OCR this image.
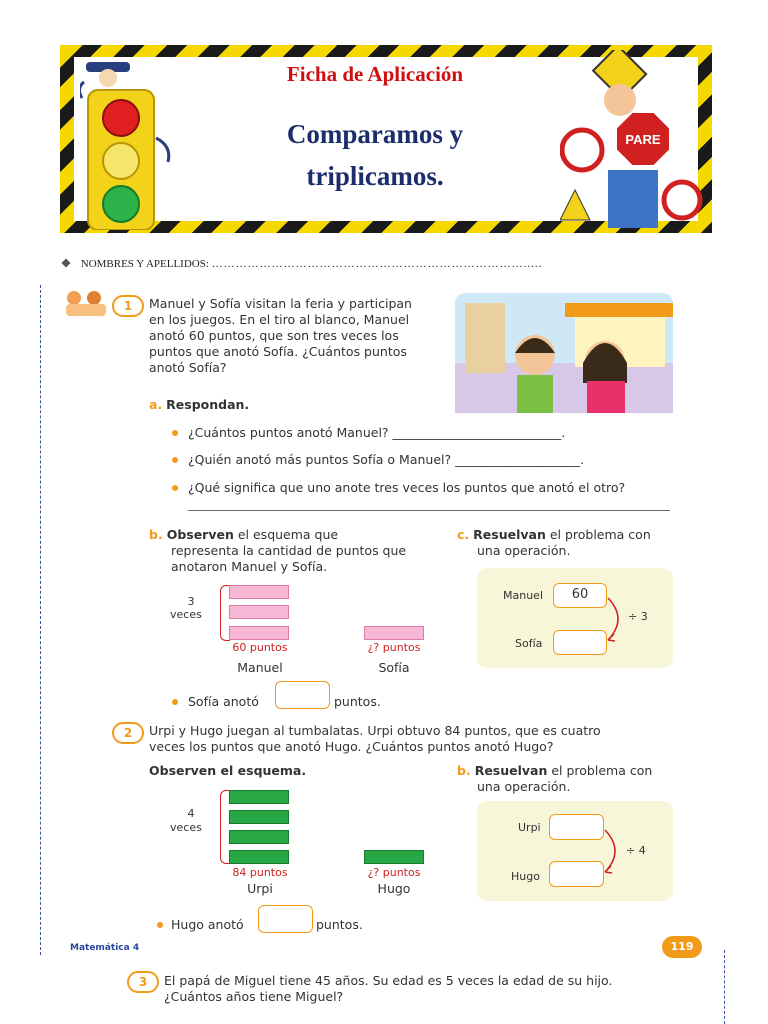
PARE
Ficha de Aplicación
Comparamos y
triplicamos.
NOMBRES Y APELLIDOS: …………………………………………………………………….....
1	Manuel y Sofía visitan la feria y participan
en los juegos. En el tiro al blanco, Manuel
anotó 60 puntos, que son tres veces los
puntos que anotó Sofía. ¿Cuántos puntos
anotó Sofía?
a. Respondan.
¿Cuántos puntos anotó Manuel? ___________________________.
¿Quién anotó más puntos Sofía o Manuel? ____________________.
¿Qué significa que uno anote tres veces los puntos que anotó el otro?
b. Observen el esquema que
representa la cantidad de puntos que
anotaron Manuel y Sofía.
c. Resuelvan el problema con
una operación.
3
veces
60 puntos
Manuel
¿? puntos
Sofía
Manuel	60
Sofía
÷ 3
Sofía anotó	puntos.
2	Urpi y Hugo juegan al tumbalatas. Urpi obtuvo 84 puntos, que es cuatro
veces los puntos que anotó Hugo. ¿Cuántos puntos anotó Hugo?
Observen el esquema.	b. Resuelvan el problema con
una operación.
4
veces
84 puntos
Urpi
¿? puntos
Hugo
Urpi
Hugo
÷ 4
Hugo anotó	puntos.
Matemática 4	119
3	El papá de Miguel tiene 45 años. Su edad es 5 veces la edad de su hijo.
¿Cuántos años tiene Miguel?
